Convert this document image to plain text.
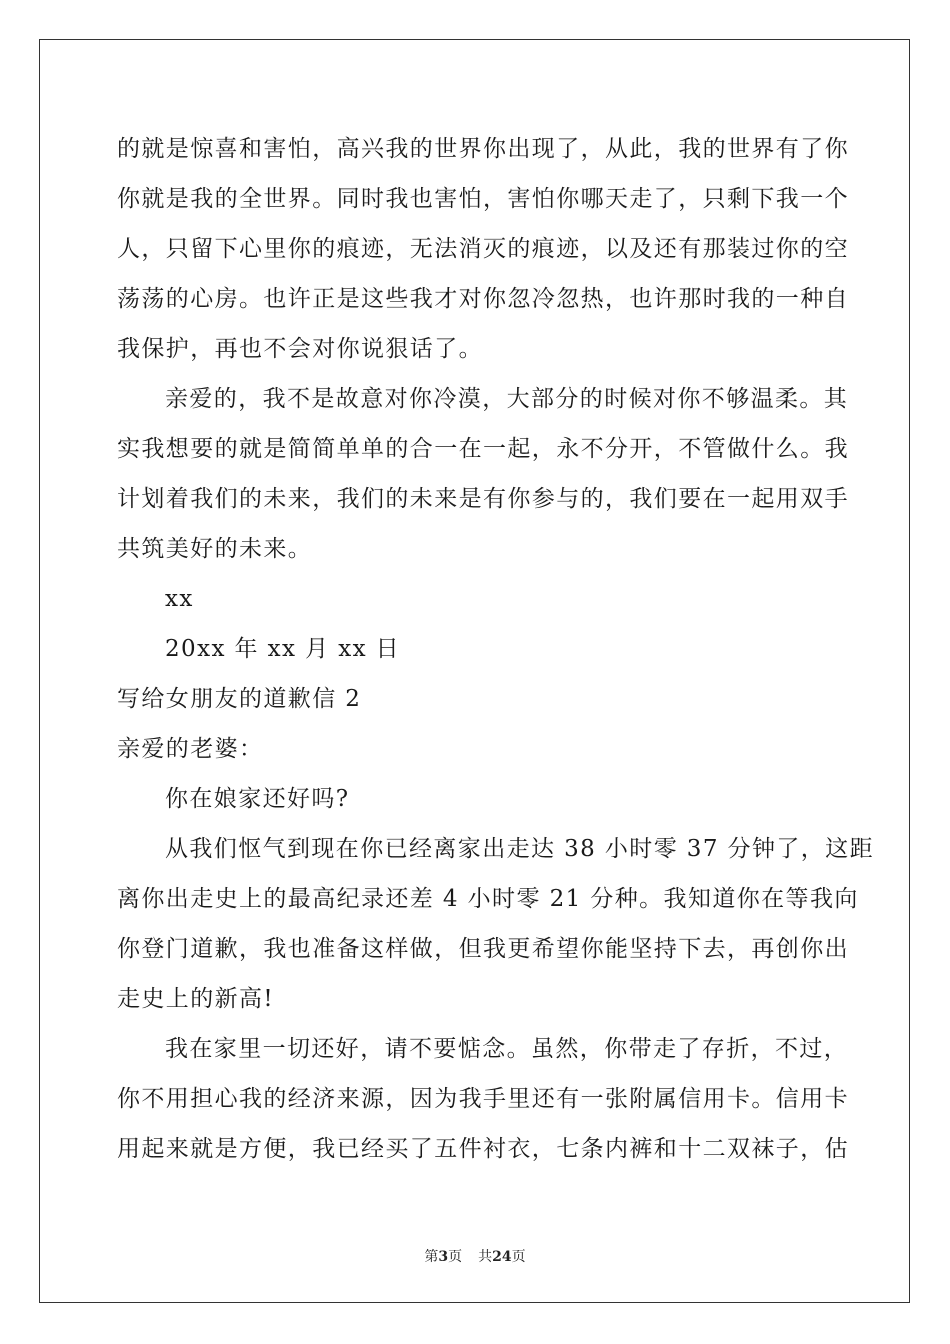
的就是惊喜和害怕，高兴我的世界你出现了，从此，我的世界有了你
你就是我的全世界。同时我也害怕，害怕你哪天走了，只剩下我一个
人，只留下心里你的痕迹，无法消灭的痕迹，以及还有那装过你的空
荡荡的心房。也许正是这些我才对你忽冷忽热，也许那时我的一种自
我保护，再也不会对你说狠话了。
亲爱的，我不是故意对你冷漠，大部分的时候对你不够温柔。其
实我想要的就是简简单单的合一在一起，永不分开，不管做什么。我
计划着我们的未来，我们的未来是有你参与的，我们要在一起用双手
共筑美好的未来。
xx
20xx 年 xx 月 xx 日
写给女朋友的道歉信 2
亲爱的老婆：
你在娘家还好吗?
从我们怄气到现在你已经离家出走达 38 小时零 37 分钟了，这距
离你出走史上的最高纪录还差 4 小时零 21 分种。我知道你在等我向
你登门道歉，我也准备这样做，但我更希望你能坚持下去，再创你出
走史上的新高!
我在家里一切还好，请不要惦念。虽然，你带走了存折，不过，
你不用担心我的经济来源，因为我手里还有一张附属信用卡。信用卡
用起来就是方便，我已经买了五件衬衣，七条内裤和十二双袜子，估
第3页 共24页
